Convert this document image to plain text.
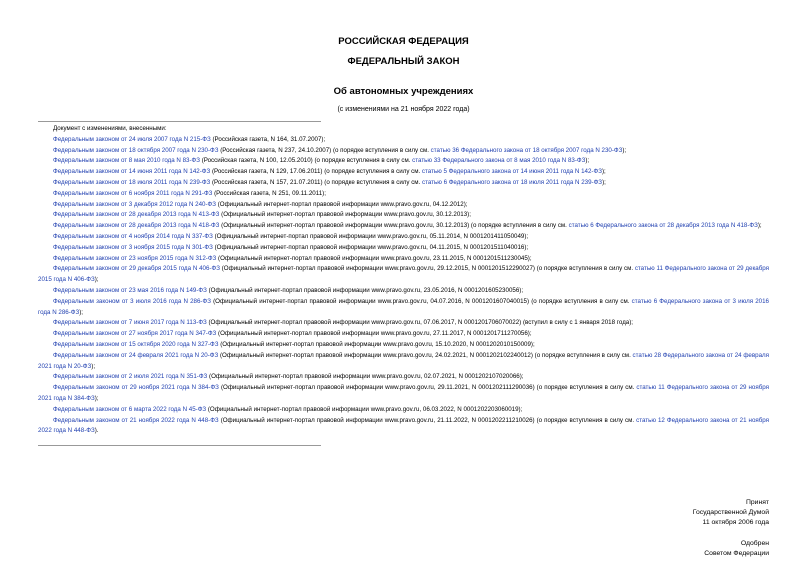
РОССИЙСКАЯ ФЕДЕРАЦИЯ
ФЕДЕРАЛЬНЫЙ ЗАКОН
Об автономных учреждениях
(с изменениями на 21 ноября 2022 года)
Документ с изменениями, внесенными:
Федеральным законом от 24 июля 2007 года N 215-ФЗ (Российская газета, N 164, 31.07.2007);
Федеральным законом от 18 октября 2007 года N 230-ФЗ (Российская газета, N 237, 24.10.2007) (о порядке вступления в силу см. статью 36 Федерального закона от 18 октября 2007 года N 230-ФЗ);
Федеральным законом от 8 мая 2010 года N 83-ФЗ (Российская газета, N 100, 12.05.2010) (о порядке вступления в силу см. статью 33 Федерального закона от 8 мая 2010 года N 83-ФЗ);
Федеральным законом от 14 июня 2011 года N 142-ФЗ (Российская газета, N 129, 17.06.2011) (о порядке вступления в силу см. статью 5 Федерального закона от 14 июня 2011 года N 142-ФЗ);
Федеральным законом от 18 июля 2011 года N 239-ФЗ (Российская газета, N 157, 21.07.2011) (о порядке вступления в силу см. статью 6 Федерального закона от 18 июля 2011 года N 239-ФЗ);
Федеральным законом от 6 ноября 2011 года N 291-ФЗ (Российская газета, N 251, 09.11.2011);
Федеральным законом от 3 декабря 2012 года N 240-ФЗ (Официальный интернет-портал правовой информации www.pravo.gov.ru, 04.12.2012);
Федеральным законом от 28 декабря 2013 года N 413-ФЗ (Официальный интернет-портал правовой информации www.pravo.gov.ru, 30.12.2013);
Федеральным законом от 28 декабря 2013 года N 418-ФЗ (Официальный интернет-портал правовой информации www.pravo.gov.ru, 30.12.2013) (о порядке вступления в силу см. статью 6 Федерального закона от 28 декабря 2013 года N 418-ФЗ);
Федеральным законом от 4 ноября 2014 года N 337-ФЗ (Официальный интернет-портал правовой информации www.pravo.gov.ru, 05.11.2014, N 0001201411050049);
Федеральным законом от 3 ноября 2015 года N 301-ФЗ (Официальный интернет-портал правовой информации www.pravo.gov.ru, 04.11.2015, N 0001201511040016);
Федеральным законом от 23 ноября 2015 года N 312-ФЗ (Официальный интернет-портал правовой информации www.pravo.gov.ru, 23.11.2015, N 0001201511230045);
Федеральным законом от 29 декабря 2015 года N 406-ФЗ (Официальный интернет-портал правовой информации www.pravo.gov.ru, 29.12.2015, N 0001201512290027) (о порядке вступления в силу см. статью 11 Федерального закона от 29 декабря 2015 года N 406-ФЗ);
Федеральным законом от 23 мая 2016 года N 149-ФЗ (Официальный интернет-портал правовой информации www.pravo.gov.ru, 23.05.2016, N 0001201605230056);
Федеральным законом от 3 июля 2016 года N 286-ФЗ (Официальный интернет-портал правовой информации www.pravo.gov.ru, 04.07.2016, N 0001201607040015) (о порядке вступления в силу см. статью 6 Федерального закона от 3 июля 2016 года N 286-ФЗ);
Федеральным законом от 7 июня 2017 года N 113-ФЗ (Официальный интернет-портал правовой информации www.pravo.gov.ru, 07.06.2017, N 0001201706070022) (вступил в силу с 1 января 2018 года);
Федеральным законом от 27 ноября 2017 года N 347-ФЗ (Официальный интернет-портал правовой информации www.pravo.gov.ru, 27.11.2017, N 0001201711270056);
Федеральным законом от 15 октября 2020 года N 327-ФЗ (Официальный интернет-портал правовой информации www.pravo.gov.ru, 15.10.2020, N 0001202010150009);
Федеральным законом от 24 февраля 2021 года N 20-ФЗ (Официальный интернет-портал правовой информации www.pravo.gov.ru, 24.02.2021, N 0001202102240012) (о порядке вступления в силу см. статью 28 Федерального закона от 24 февраля 2021 года N 20-ФЗ);
Федеральным законом от 2 июля 2021 года N 351-ФЗ (Официальный интернет-портал правовой информации www.pravo.gov.ru, 02.07.2021, N 0001202107020066);
Федеральным законом от 29 ноября 2021 года N 384-ФЗ (Официальный интернет-портал правовой информации www.pravo.gov.ru, 29.11.2021, N 0001202111290036) (о порядке вступления в силу см. статью 11 Федерального закона от 29 ноября 2021 года N 384-ФЗ);
Федеральным законом от 6 марта 2022 года N 45-ФЗ (Официальный интернет-портал правовой информации www.pravo.gov.ru, 06.03.2022, N 0001202203060019);
Федеральным законом от 21 ноября 2022 года N 448-ФЗ (Официальный интернет-портал правовой информации www.pravo.gov.ru, 21.11.2022, N 0001202211210026) (о порядке вступления в силу см. статью 12 Федерального закона от 21 ноября 2022 года N 448-ФЗ).
Принят
Государственной Думой
11 октября 2006 года
Одобрен
Советом Федерации
